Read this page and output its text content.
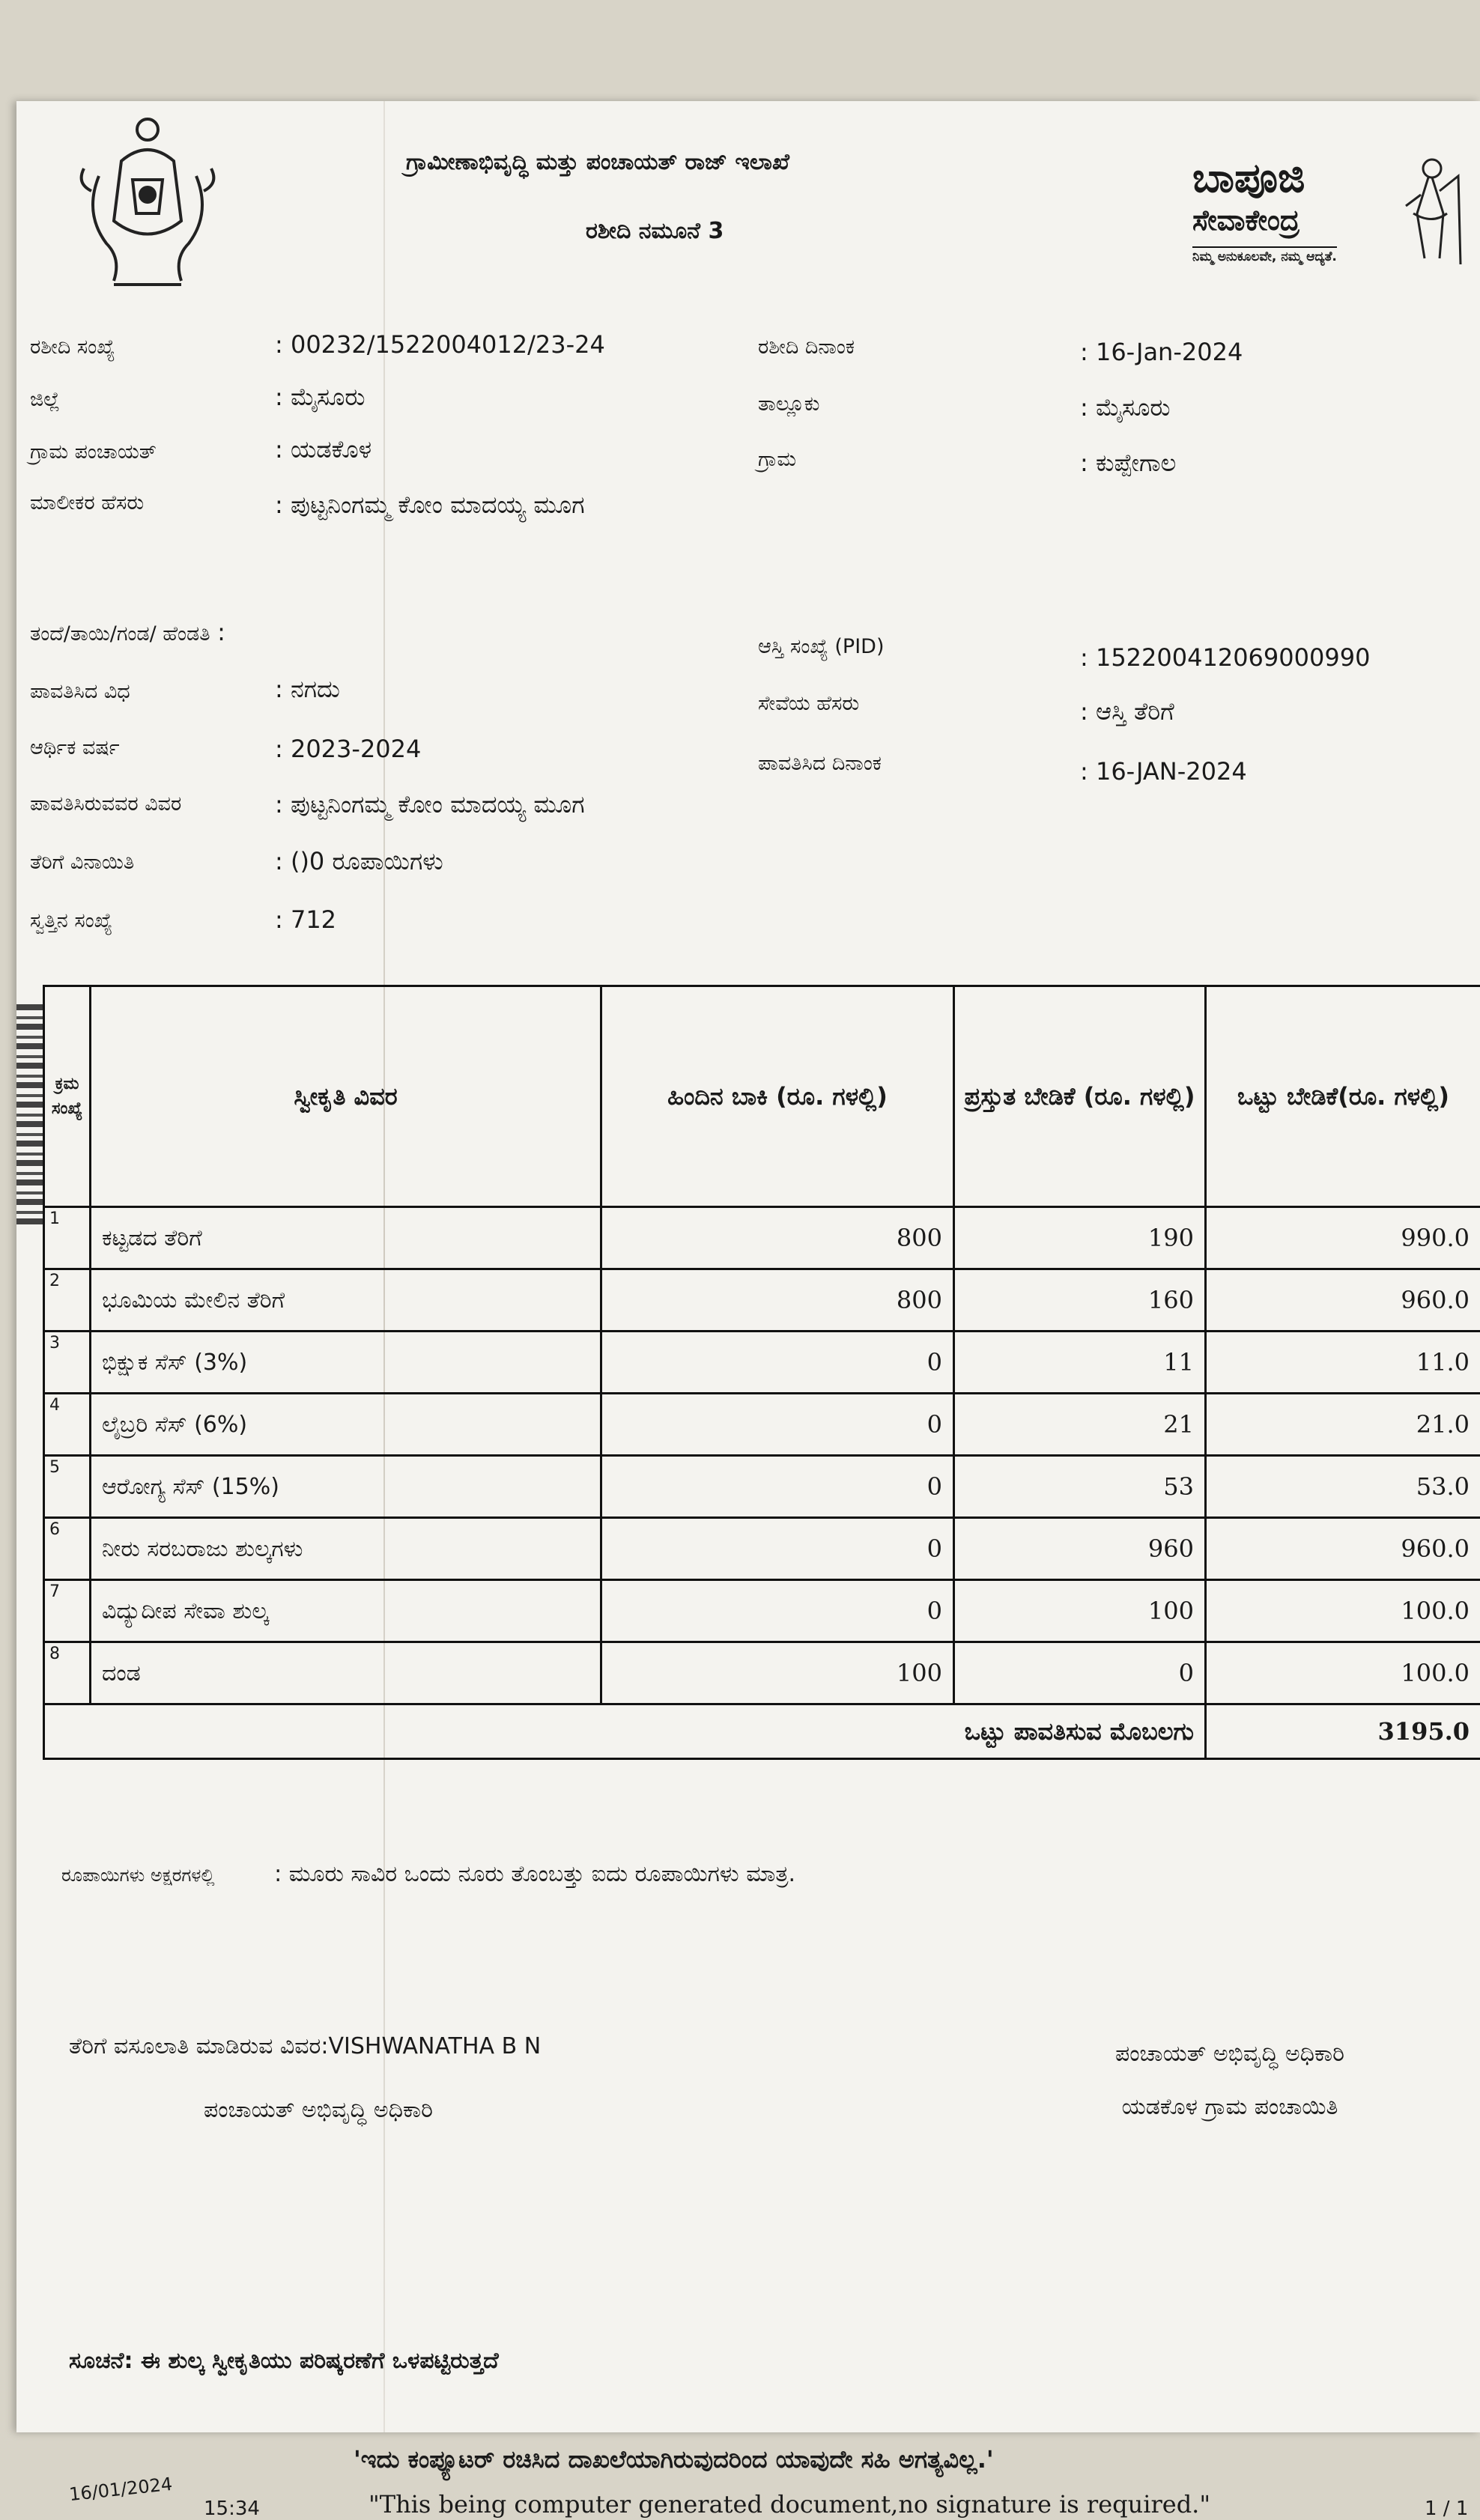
ಗ್ರಾಮೀಣಾಭಿವೃದ್ಧಿ ಮತ್ತು ಪಂಚಾಯತ್ ರಾಜ್ ಇಲಾಖೆ
ರಶೀದಿ ನಮೂನೆ 3
ಬಾಪೂಜಿ
ಸೇವಾಕೇಂದ್ರ
ನಿಮ್ಮ ಅನುಕೂಲವೇ, ನಮ್ಮ ಆದ್ಯತೆ.
ರಶೀದಿ ಸಂಖ್ಯೆ	: 00232/1522004012/23-24
ಜಿಲ್ಲೆ	: ಮೈಸೂರು
ಗ್ರಾಮ ಪಂಚಾಯತ್	: ಯಡಕೊಳ
ಮಾಲೀಕರ ಹೆಸರು	: ಪುಟ್ಟನಿಂಗಮ್ಮ ಕೋಂ ಮಾದಯ್ಯ ಮೂಗ
ತಂದೆ/ತಾಯಿ/ಗಂಡ/ ಹೆಂಡತಿ :
ಪಾವತಿಸಿದ ವಿಧ	: ನಗದು
ಆರ್ಥಿಕ ವರ್ಷ	: 2023-2024
ಪಾವತಿಸಿರುವವರ ವಿವರ	: ಪುಟ್ಟನಿಂಗಮ್ಮ ಕೋಂ ಮಾದಯ್ಯ ಮೂಗ
ತೆರಿಗೆ ವಿನಾಯಿತಿ	: ()0 ರೂಪಾಯಿಗಳು
ಸ್ವತ್ತಿನ ಸಂಖ್ಯೆ	: 712
ರಶೀದಿ ದಿನಾಂಕ	: 16-Jan-2024
ತಾಲ್ಲೂಕು	: ಮೈಸೂರು
ಗ್ರಾಮ	: ಕುಪ್ಪೇಗಾಲ
ಆಸ್ತಿ ಸಂಖ್ಯೆ (PID)	: 152200412069000990
ಸೇವೆಯ ಹೆಸರು	: ಆಸ್ತಿ ತೆರಿಗೆ
ಪಾವತಿಸಿದ ದಿನಾಂಕ	: 16-JAN-2024
ಕ್ರಮ ಸಂಖ್ಯೆ	ಸ್ವೀಕೃತಿ ವಿವರ	ಹಿಂದಿನ ಬಾಕಿ (ರೂ. ಗಳಲ್ಲಿ)	ಪ್ರಸ್ತುತ ಬೇಡಿಕೆ (ರೂ. ಗಳಲ್ಲಿ)	ಒಟ್ಟು ಬೇಡಿಕೆ(ರೂ. ಗಳಲ್ಲಿ)
1	ಕಟ್ಟಡದ ತೆರಿಗೆ	800	190	990.0
2	ಭೂಮಿಯ ಮೇಲಿನ ತೆರಿಗೆ	800	160	960.0
3	ಭಿಕ್ಷುಕ ಸೆಸ್ (3%)	0	11	11.0
4	ಲೈಬ್ರರಿ ಸೆಸ್ (6%)	0	21	21.0
5	ಆರೋಗ್ಯ ಸೆಸ್ (15%)	0	53	53.0
6	ನೀರು ಸರಬರಾಜು ಶುಲ್ಕಗಳು	0	960	960.0
7	ವಿದ್ಯುದೀಪ ಸೇವಾ ಶುಲ್ಕ	0	100	100.0
8	ದಂಡ	100	0	100.0
ಒಟ್ಟು ಪಾವತಿಸುವ ಮೊಬಲಗು				3195.0
ರೂಪಾಯಿಗಳು ಅಕ್ಷರಗಳಲ್ಲಿ	: ಮೂರು ಸಾವಿರ ಒಂದು ನೂರು ತೊಂಬತ್ತು ಐದು ರೂಪಾಯಿಗಳು ಮಾತ್ರ.
ತೆರಿಗೆ ವಸೂಲಾತಿ ಮಾಡಿರುವ ವಿವರ:VISHWANATHA B N
ಪಂಚಾಯತ್ ಅಭಿವೃದ್ಧಿ ಅಧಿಕಾರಿ
ಪಂಚಾಯತ್ ಅಭಿವೃದ್ಧಿ ಅಧಿಕಾರಿ
ಯಡಕೊಳ ಗ್ರಾಮ ಪಂಚಾಯಿತಿ
ಸೂಚನೆ: ಈ ಶುಲ್ಕ ಸ್ವೀಕೃತಿಯು ಪರಿಷ್ಕರಣೆಗೆ ಒಳಪಟ್ಟಿರುತ್ತದೆ
'ಇದು ಕಂಪ್ಯೂಟರ್ ರಚಿಸಿದ ದಾಖಲೆಯಾಗಿರುವುದರಿಂದ ಯಾವುದೇ ಸಹಿ ಅಗತ್ಯವಿಲ್ಲ.'
"This being computer generated document,no signature is required."
16/01/2024
15:34	1 / 1
